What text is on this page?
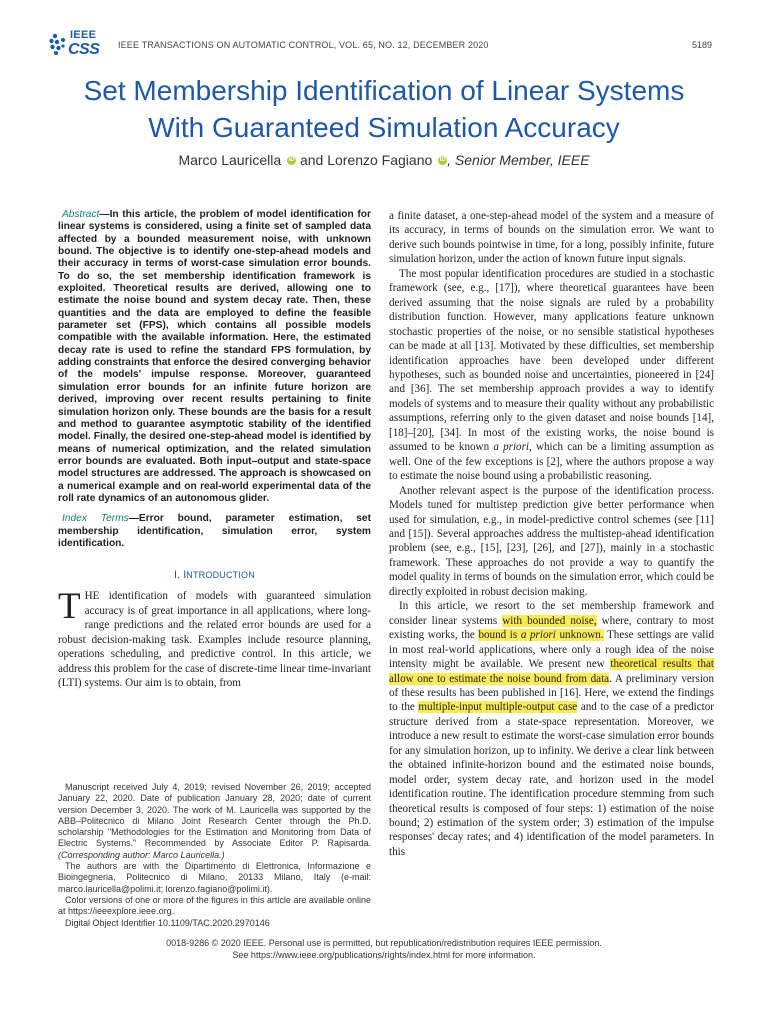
IEEE
CSS IEEE TRANSACTIONS ON AUTOMATIC CONTROL, VOL. 65, NO. 12, DECEMBER 2020	5189
Set Membership Identification of Linear Systems
With Guaranteed Simulation Accuracy
Marco Lauricella iD and Lorenzo Fagiano iD , Senior Member, IEEE

Abstract—In this article, the problem of model identification for linear systems is considered, using a finite set of sampled data affected by a bounded measurement noise, with unknown bound. The objective is to identify one-step-ahead models and their accuracy in terms of worst-case simulation error bounds. To do so, the set membership identification framework is exploited. Theoretical results are derived, allowing one to estimate the noise bound and system decay rate. Then, these quantities and the data are employed to define the feasible parameter set (FPS), which contains all possible models compatible with the available information. Here, the estimated decay rate is used to refine the standard FPS formulation, by adding constraints that enforce the desired converging behavior of the models' impulse response. Moreover, guaranteed simulation error bounds for an infinite future horizon are derived, improving over recent results pertaining to finite simulation horizon only. These bounds are the basis for a result and method to guarantee asymptotic stability of the identified model. Finally, the desired one-step-ahead model is identified by means of numerical optimization, and the related simulation error bounds are evaluated. Both input–output and state-space model structures are addressed. The approach is showcased on a numerical example and on real-world experimental data of the roll rate dynamics of an autonomous glider.

Index Terms—Error bound, parameter estimation, set membership identification, simulation error, system identification.

I. INTRODUCTION

THE identification of models with guaranteed simulation accuracy is of great importance in all applications, where long-range predictions and the related error bounds are used for a robust decision-making task. Examples include resource planning, operations scheduling, and predictive control. In this article, we address this problem for the case of discrete-time linear time-invariant (LTI) systems. Our aim is to obtain, from

Manuscript received July 4, 2019; revised November 26, 2019; accepted January 22, 2020. Date of publication January 28, 2020; date of current version December 3, 2020. The work of M. Lauricella was supported by the ABB–Politecnico di Milano Joint Research Center through the Ph.D. scholarship "Methodologies for the Estimation and Monitoring from Data of Electric Systems." Recommended by Associate Editor P. Rapisarda. (Corresponding author: Marco Lauricella.)

The authors are with the Dipartimento di Elettronica, Informazione e Bioingegneria, Politecnico di Milano, 20133 Milano, Italy (e-mail: marco.lauricella@polimi.it; lorenzo.fagiano@polimi.it).

Color versions of one or more of the figures in this article are available online at https://ieeexplore.ieee.org.

Digital Object Identifier 10.1109/TAC.2020.2970146

a finite dataset, a one-step-ahead model of the system and a measure of its accuracy, in terms of bounds on the simulation error. We want to derive such bounds pointwise in time, for a long, possibly infinite, future simulation horizon, under the action of known future input signals.

The most popular identification procedures are studied in a stochastic framework (see, e.g., [17]), where theoretical guarantees have been derived assuming that the noise signals are ruled by a probability distribution function. However, many applications feature unknown stochastic properties of the noise, or no sensible statistical hypotheses can be made at all [13]. Motivated by these difficulties, set membership identification approaches have been developed under different hypotheses, such as bounded noise and uncertainties, pioneered in [24] and [36]. The set membership approach provides a way to identify models of systems and to measure their quality without any probabilistic assumptions, referring only to the given dataset and noise bounds [14], [18]–[20], [34]. In most of the existing works, the noise bound is assumed to be known a priori, which can be a limiting assumption as well. One of the few exceptions is [2], where the authors propose a way to estimate the noise bound using a probabilistic reasoning.

Another relevant aspect is the purpose of the identification process. Models tuned for multistep prediction give better performance when used for simulation, e.g., in model-predictive control schemes (see [11] and [15]). Several approaches address the multistep-ahead identification problem (see, e.g., [15], [23], [26], and [27]), mainly in a stochastic framework. These approaches do not provide a way to quantify the model quality in terms of bounds on the simulation error, which could be directly exploited in robust decision making.

In this article, we resort to the set membership framework and consider linear systems with bounded noise, where, contrary to most existing works, the bound is a priori unknown. These settings are valid in most real-world applications, where only a rough idea of the noise intensity might be available. We present new theoretical results that allow one to estimate the noise bound from data. A preliminary version of these results has been published in [16]. Here, we extend the findings to the multiple-input multiple-output case and to the case of a predictor structure derived from a state-space representation. Moreover, we introduce a new result to estimate the worst-case simulation error bounds for any simulation horizon, up to infinity. We derive a clear link between the obtained infinite-horizon bound and the estimated noise bounds, model order, system decay rate, and horizon used in the model identification routine. The identification procedure stemming from such theoretical results is composed of four steps: 1) estimation of the noise bound; 2) estimation of the system order; 3) estimation of the impulse responses' decay rates; and 4) identification of the model parameters. In this

0018-9286 © 2020 IEEE. Personal use is permitted, but republication/redistribution requires IEEE permission.
See https://www.ieee.org/publications/rights/index.html for more information.
